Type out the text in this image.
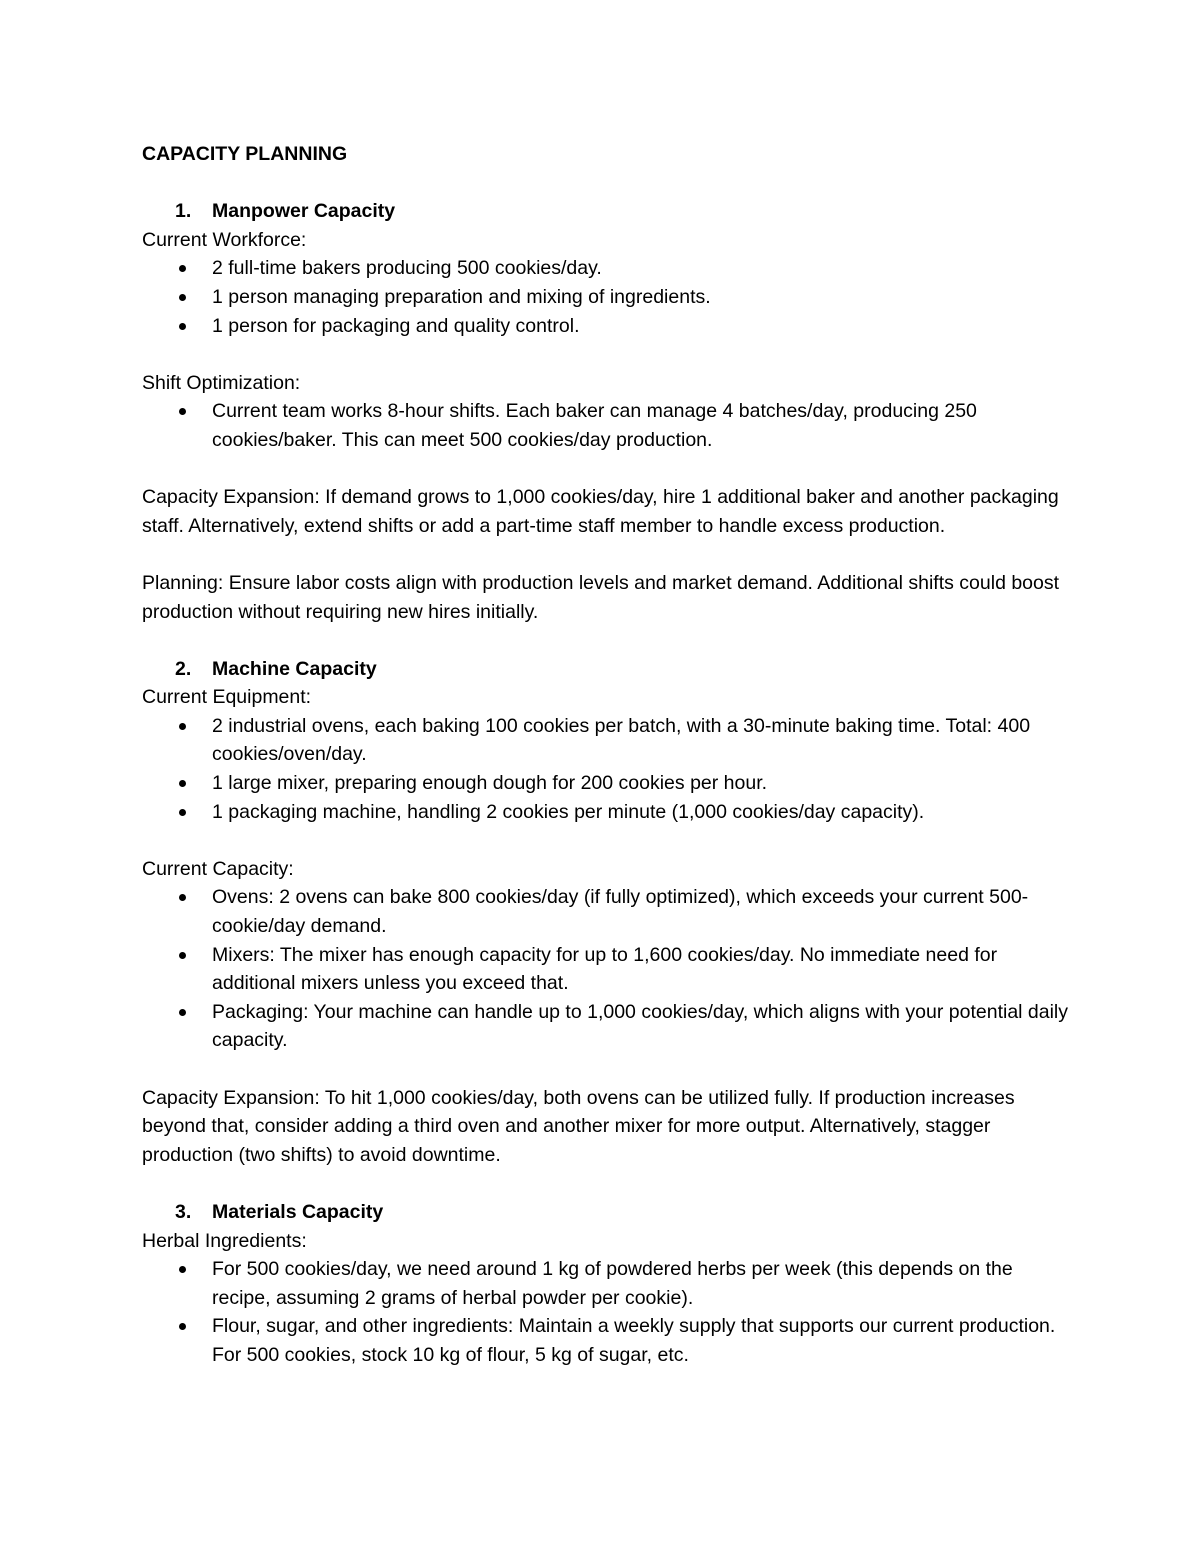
CAPACITY PLANNING
1. Manpower Capacity

Current Workforce:

2 full-time bakers producing 500 cookies/day.
1 person managing preparation and mixing of ingredients.
1 person for packaging and quality control.

Shift Optimization:

Current team works 8-hour shifts. Each baker can manage 4 batches/day, producing 250 cookies/baker. This can meet 500 cookies/day production.

Capacity Expansion: If demand grows to 1,000 cookies/day, hire 1 additional baker and another packaging staff. Alternatively, extend shifts or add a part-time staff member to handle excess production.

Planning: Ensure labor costs align with production levels and market demand. Additional shifts could boost production without requiring new hires initially.

2. Machine Capacity

Current Equipment:

2 industrial ovens, each baking 100 cookies per batch, with a 30-minute baking time. Total: 400 cookies/oven/day.
1 large mixer, preparing enough dough for 200 cookies per hour.
1 packaging machine, handling 2 cookies per minute (1,000 cookies/day capacity).

Current Capacity:

Ovens: 2 ovens can bake 800 cookies/day (if fully optimized), which exceeds your current 500-cookie/day demand.
Mixers: The mixer has enough capacity for up to 1,600 cookies/day. No immediate need for additional mixers unless you exceed that.
Packaging: Your machine can handle up to 1,000 cookies/day, which aligns with your potential daily capacity.

Capacity Expansion: To hit 1,000 cookies/day, both ovens can be utilized fully. If production increases beyond that, consider adding a third oven and another mixer for more output. Alternatively, stagger production (two shifts) to avoid downtime.

3. Materials Capacity

Herbal Ingredients:

For 500 cookies/day, we need around 1 kg of powdered herbs per week (this depends on the recipe, assuming 2 grams of herbal powder per cookie).
Flour, sugar, and other ingredients: Maintain a weekly supply that supports our current production. For 500 cookies, stock 10 kg of flour, 5 kg of sugar, etc.
